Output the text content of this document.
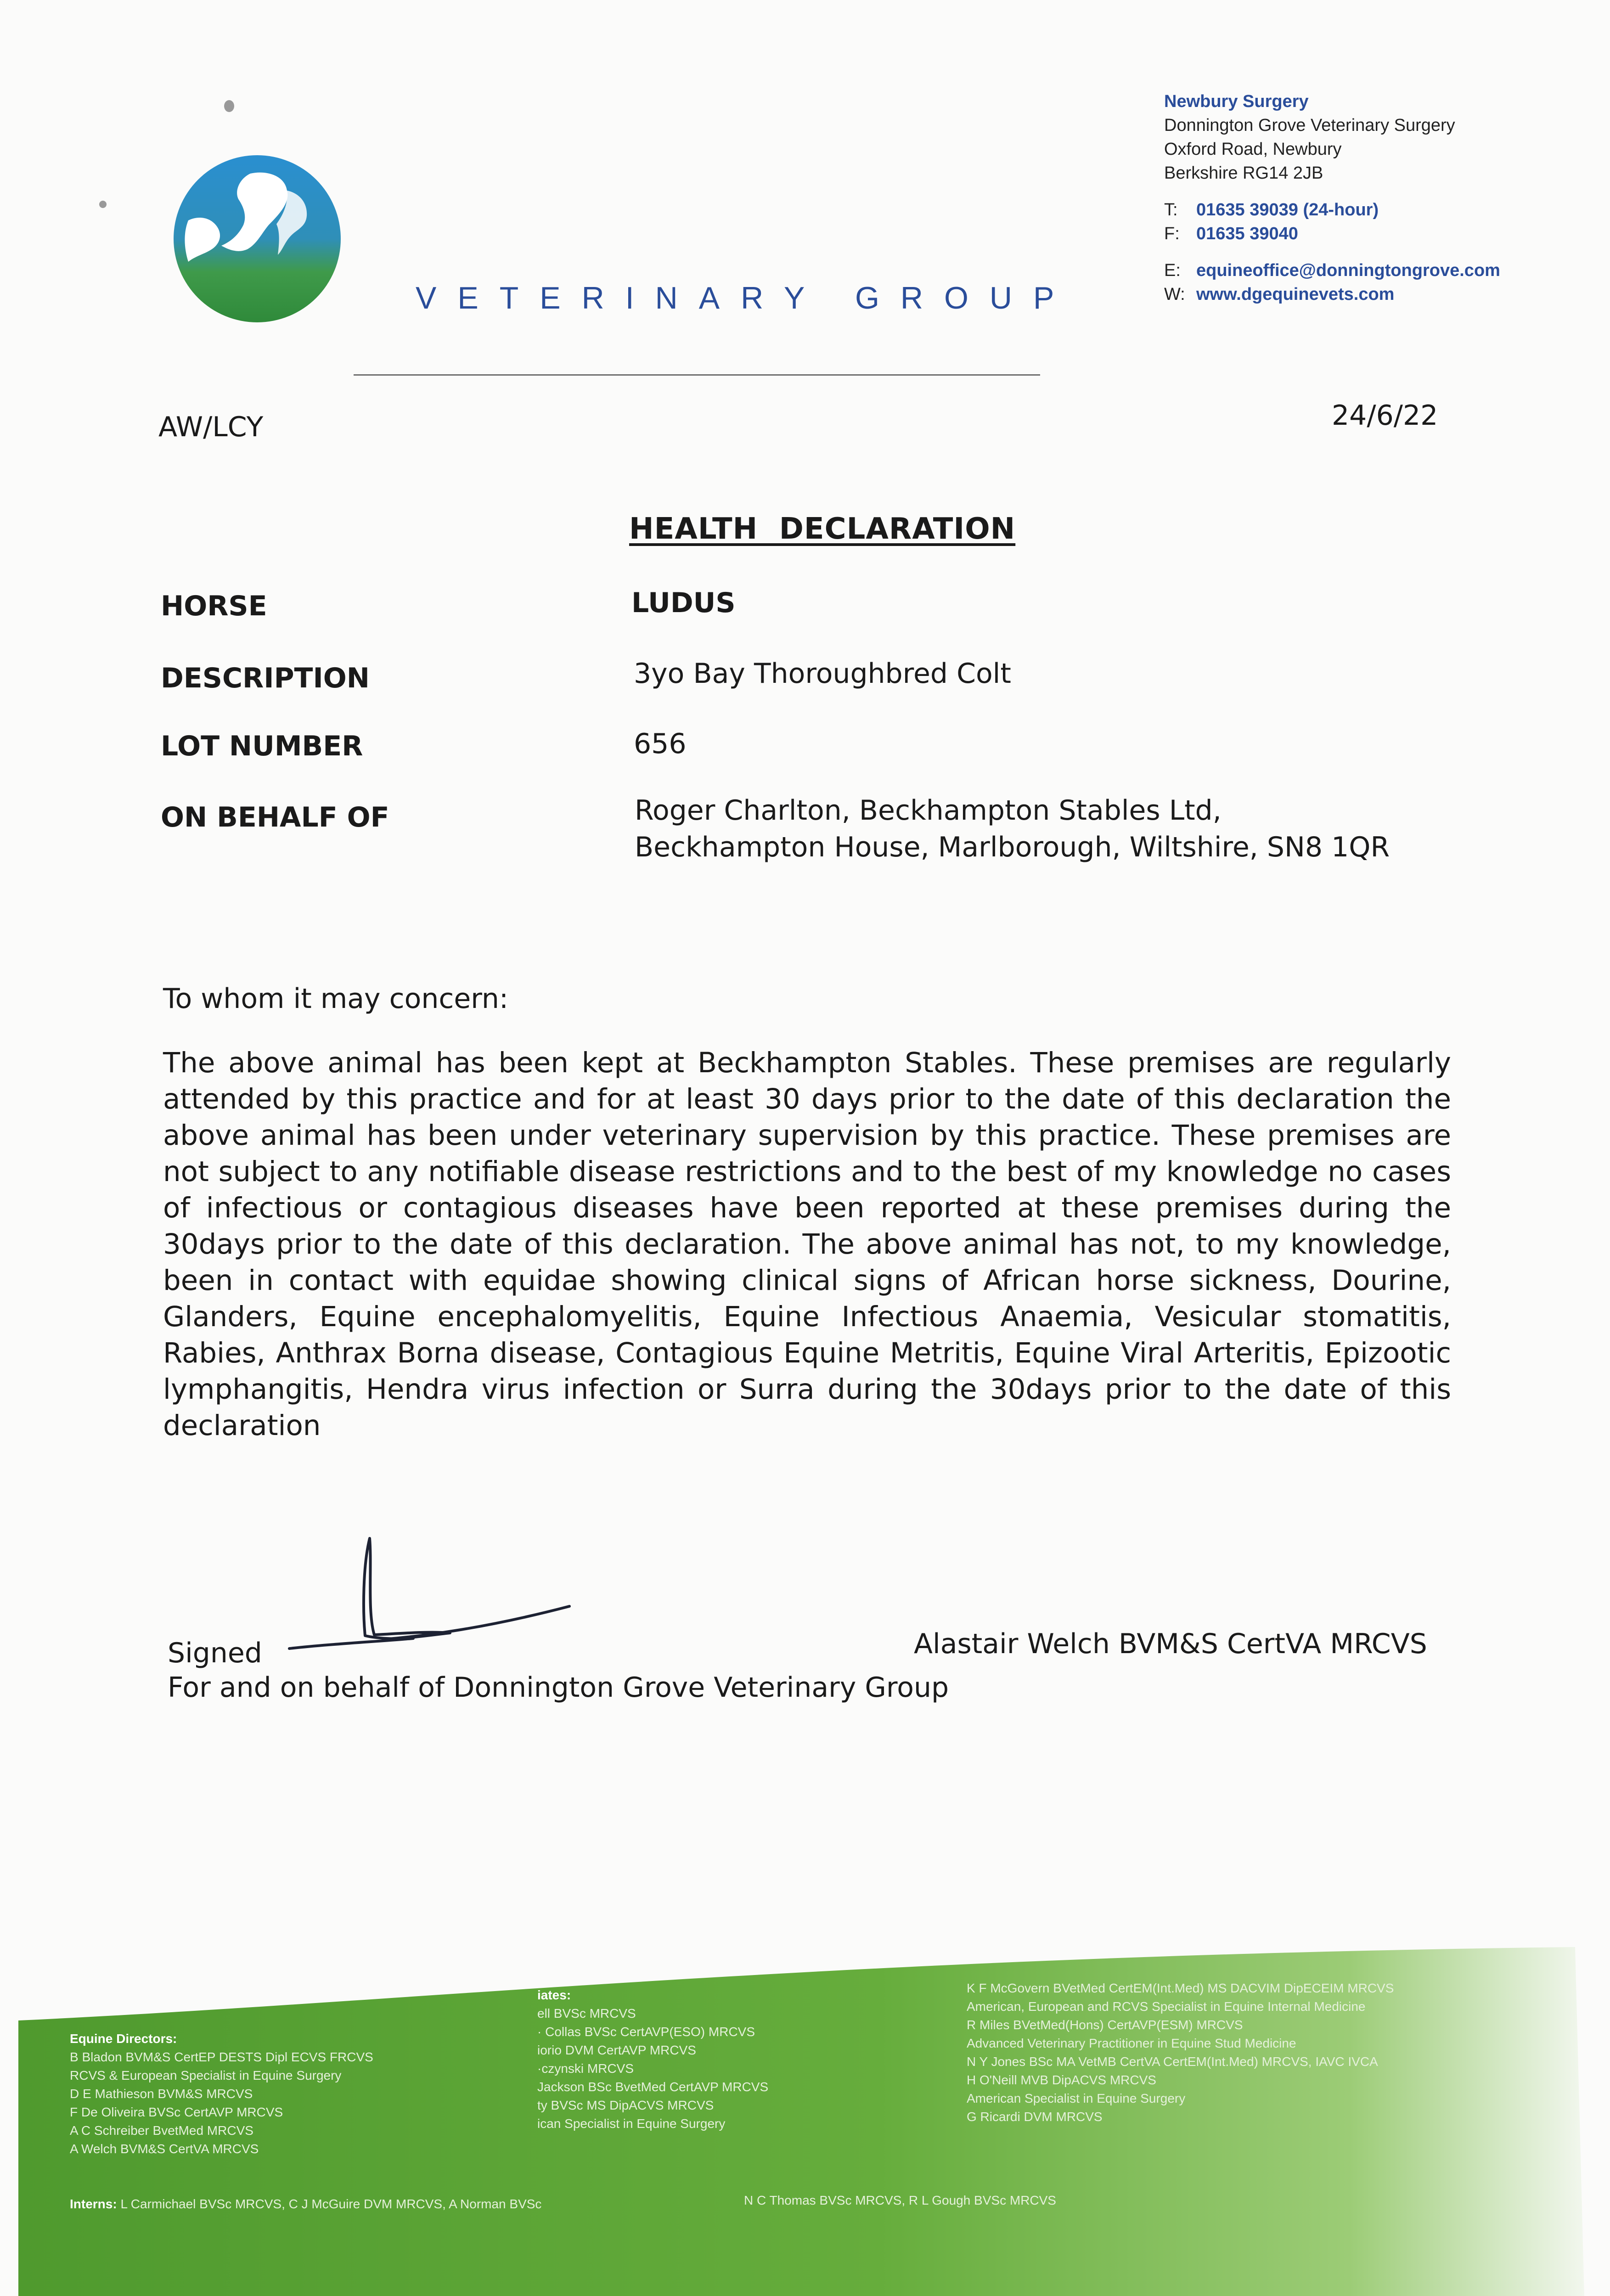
VETERINARY GROUP
Newbury Surgery
Donnington Grove Veterinary Surgery
Oxford Road, Newbury
Berkshire RG14 2JB
T: 01635 39039 (24-hour)
F: 01635 39040
E: equineoffice@donningtongrove.com
W: www.dgequinevets.com
AW/LCY	24/6/22
HEALTH  DECLARATION
HORSE	LUDUS
DESCRIPTION	3yo Bay Thoroughbred Colt
LOT NUMBER	656
ON BEHALF OF	Roger Charlton, Beckhampton Stables Ltd,
Beckhampton House, Marlborough, Wiltshire, SN8 1QR
To whom it may concern:
The above animal has been kept at Beckhampton Stables. These premises are regularly attended by this practice and for at least 30 days prior to the date of this declaration the above animal has been under veterinary supervision by this practice. These premises are not subject to any notifiable disease restrictions and to the best of my knowledge no cases of infectious or contagious diseases have been reported at these premises during the 30days prior to the date of this declaration. The above animal has not, to my knowledge, been in contact with equidae showing clinical signs of African horse sickness, Dourine, Glanders, Equine encephalomyelitis, Equine Infectious Anaemia, Vesicular stomatitis, Rabies, Anthrax Borna disease, Contagious Equine Metritis, Equine Viral Arteritis, Epizootic lymphangitis, Hendra virus infection or Surra during the 30days prior to the date of this declaration
Signed	Alastair Welch BVM&S CertVA MRCVS
For and on behalf of Donnington Grove Veterinary Group
Equine Directors:
B Bladon BVM&S CertEP DESTS Dipl ECVS FRCVS
RCVS & European Specialist in Equine Surgery
D E Mathieson BVM&S MRCVS
F De Oliveira BVSc CertAVP MRCVS
A C Schreiber BvetMed MRCVS
A Welch BVM&S CertVA MRCVS
iates:
ell BVSc MRCVS
· Collas BVSc CertAVP(ESO) MRCVS
iorio DVM CertAVP MRCVS
·czynski MRCVS
Jackson BSc BvetMed CertAVP MRCVS
ty BVSc MS DipACVS MRCVS
ican Specialist in Equine Surgery
K F McGovern BVetMed CertEM(Int.Med) MS DACVIM DipECEIM MRCVS
American, European and RCVS Specialist in Equine Internal Medicine
R Miles BVetMed(Hons) CertAVP(ESM) MRCVS
Advanced Veterinary Practitioner in Equine Stud Medicine
N Y Jones BSc MA VetMB CertVA CertEM(Int.Med) MRCVS, IAVC IVCA
H O'Neill MVB DipACVS MRCVS
American Specialist in Equine Surgery
G Ricardi DVM MRCVS
Interns: L Carmichael BVSc MRCVS, C J McGuire DVM MRCVS, A Norman BVSc	N C Thomas BVSc MRCVS, R L Gough BVSc MRCVS
